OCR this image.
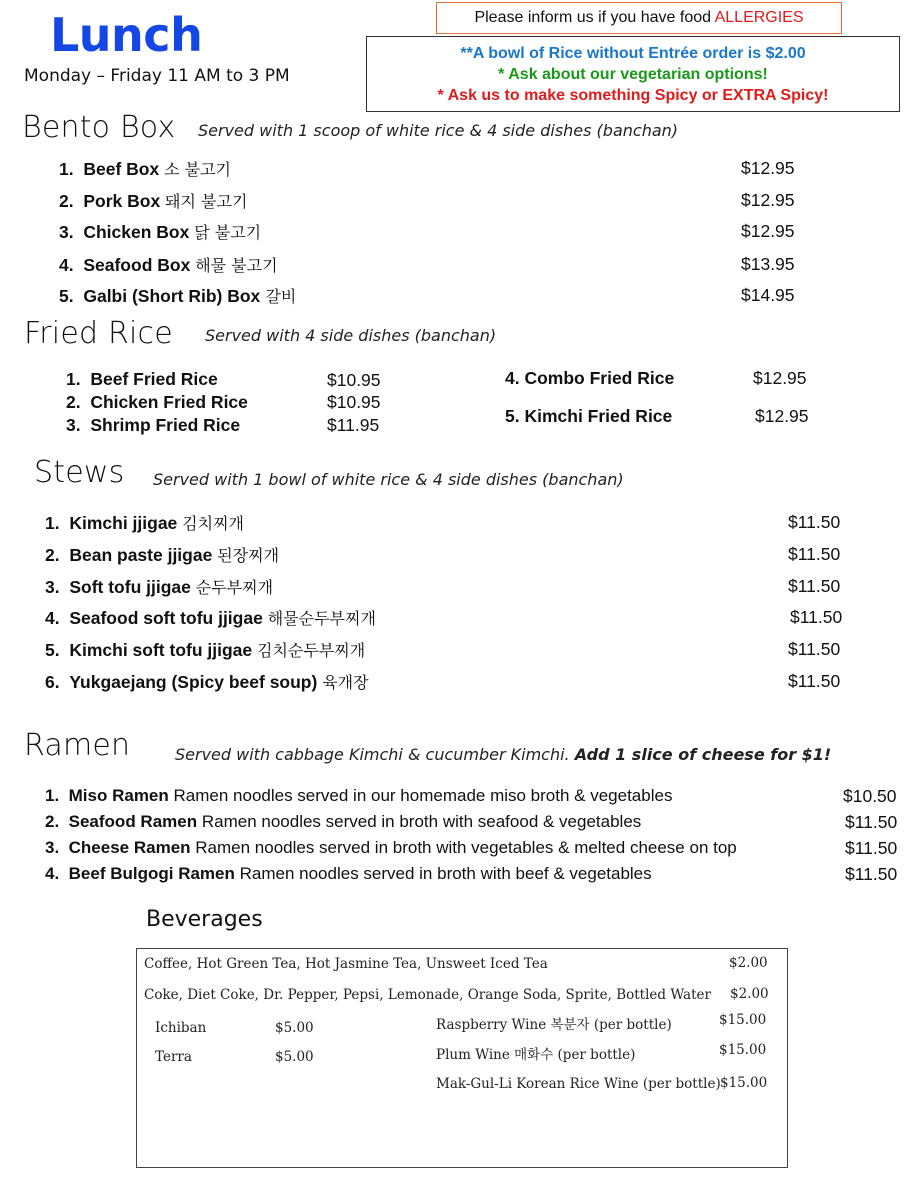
Lunch
Monday – Friday 11 AM to 3 PM
Please inform us if you have food ALLERGIES
**A bowl of Rice without Entrée order is $2.00
* Ask about our vegetarian options!
* Ask us to make something Spicy or EXTRA Spicy!
Bento Box Served with 1 scoop of white rice & 4 side dishes (banchan)
1. Beef Box 소 불고기	$12.95
2. Pork Box 돼지 불고기	$12.95
3. Chicken Box 닭 불고기	$12.95
4. Seafood Box 해물 불고기	$13.95
5. Galbi (Short Rib) Box 갈비	$14.95
Fried Rice Served with 4 side dishes (banchan)
1. Beef Fried Rice	$10.95
2. Chicken Fried Rice	$10.95
3. Shrimp Fried Rice	$11.95
4. Combo Fried Rice	$12.95
5. Kimchi Fried Rice	$12.95
Stews Served with 1 bowl of white rice & 4 side dishes (banchan)
1. Kimchi jjigae 김치찌개	$11.50
2. Bean paste jjigae 된장찌개	$11.50
3. Soft tofu jjigae 순두부찌개	$11.50
4. Seafood soft tofu jjigae 해물순두부찌개	$11.50
5. Kimchi soft tofu jjigae 김치순두부찌개	$11.50
6. Yukgaejang (Spicy beef soup) 육개장	$11.50
Ramen	Served with cabbage Kimchi & cucumber Kimchi. Add 1 slice of cheese for $1!
1. Miso Ramen Ramen noodles served in our homemade miso broth & vegetables	$10.50
2. Seafood Ramen Ramen noodles served in broth with seafood & vegetables	$11.50
3. Cheese Ramen Ramen noodles served in broth with vegetables & melted cheese on top	$11.50
4. Beef Bulgogi Ramen Ramen noodles served in broth with beef & vegetables	$11.50
Beverages
Coffee, Hot Green Tea, Hot Jasmine Tea, Unsweet Iced Tea	$2.00
Coke, Diet Coke, Dr. Pepper, Pepsi, Lemonade, Orange Soda, Sprite, Bottled Water $2.00
Ichiban	$5.00
Terra	$5.00
Raspberry Wine 복분자 (per bottle)	$15.00
Plum Wine 매화수 (per bottle)	$15.00
Mak-Gul-Li Korean Rice Wine (per bottle) $15.00
